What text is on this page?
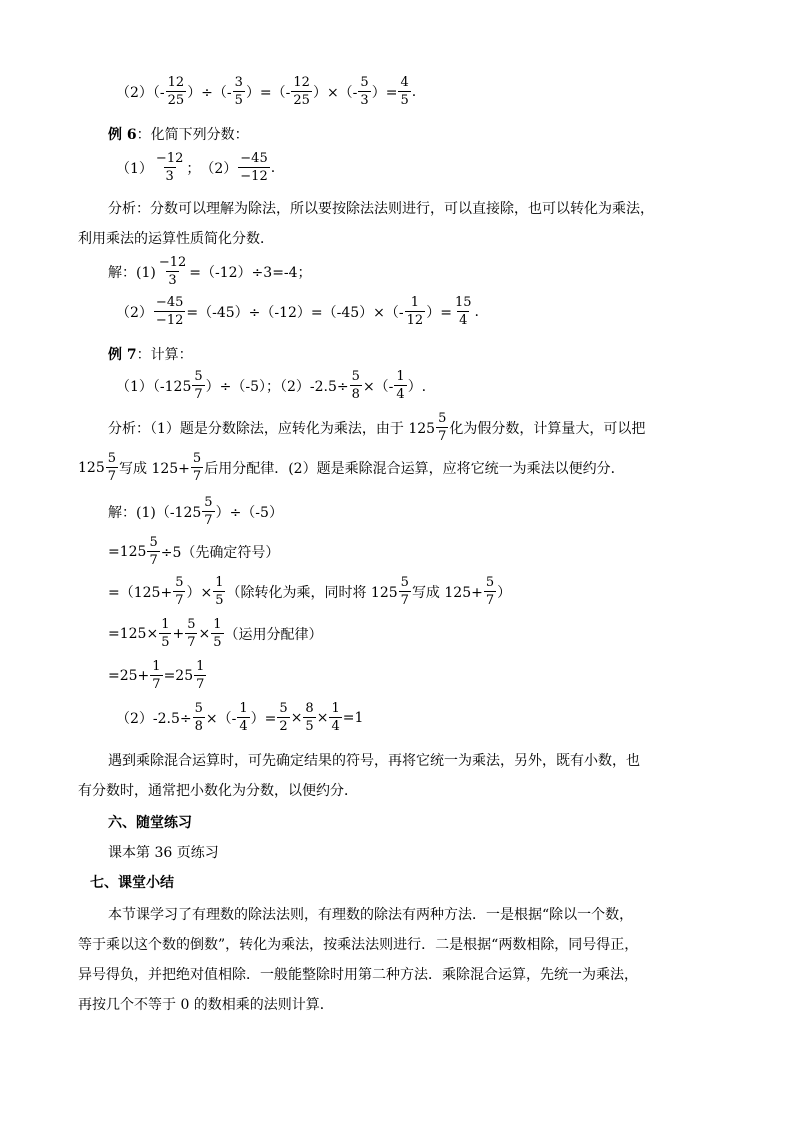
$(2)(- \frac{12}{25}$ ）÷（- $\frac{3}{5}$ ）=（- $\frac{12}{25}$ ）×（- $\frac{5}{3}$ ）= $\frac{4}{5}$ .
例 6 ：化简下列分数：
$(1) \frac{-12}{3}$ ；　$(2) \frac{-45}{-12}$ .
分析：分数可以理解为除法，所以要按除法法则进行，可以直接除，也可以转化为乘法，
利用乘法的运算性质简化分数．
解：$(1) \frac{-12}{3} =(-12)\div 3=-4$；
$(2) \frac{-45}{-12} =(-45)\div(-12)=(-45)\times(- \frac{1}{12}$ ）= $\frac{15}{4}$ .
例 7 ：计算：
$(1)(-125 \frac{5}{7} )\div(-5)$；$(2)-2.5\div \frac{5}{8}$ ×（- $\frac{1}{4}$ ）.
分析：（1）题是分数除法，应转化为乘法，由于 $125 \frac{5}{7}$ 化为假分数，计算量大，可以把
$125 \frac{5}{7}$ 写成 $125+ \frac{5}{7}$ 后用分配律．(2）题是乘除混合运算，应将它统一为乘法以便约分．
解：$(1)(-125 \frac{5}{7} )\div(-5)$
$=125 \frac{5}{7} \div 5$（先确定符号）
$=(125+ \frac{5}{7}$ ）× $\frac{1}{5}$ （除转化为乘，同时将 $125 \frac{5}{7}$ 写成 $125+ \frac{5}{7}$ ）
$=125\times \frac{1}{5} + \frac{5}{7} \times \frac{1}{5}$ （运用分配律）
$=25+ \frac{1}{7} =25 \frac{1}{7}$
$(2)-2.5\div \frac{5}{8}$ ×（- $\frac{1}{4}$ ）= $\frac{5}{2} \times \frac{8}{5} \times \frac{1}{4} =1$
遇到乘除混合运算时，可先确定结果的符号，再将它统一为乘法，另外，既有小数，也
有分数时，通常把小数化为分数，以便约分．
六、随堂练习
课本第 36 页练习
七、课堂小结
本节课学习了有理数的除法法则，有理数的除法有两种方法．一是根据“除以一个数，
等于乘以这个数的倒数”，转化为乘法，按乘法法则进行．二是根据“两数相除，同号得正，
异号得负，并把绝对值相除．一般能整除时用第二种方法．乘除混合运算，先统一为乘法，
再按几个不等于 0 的数相乘的法则计算．
